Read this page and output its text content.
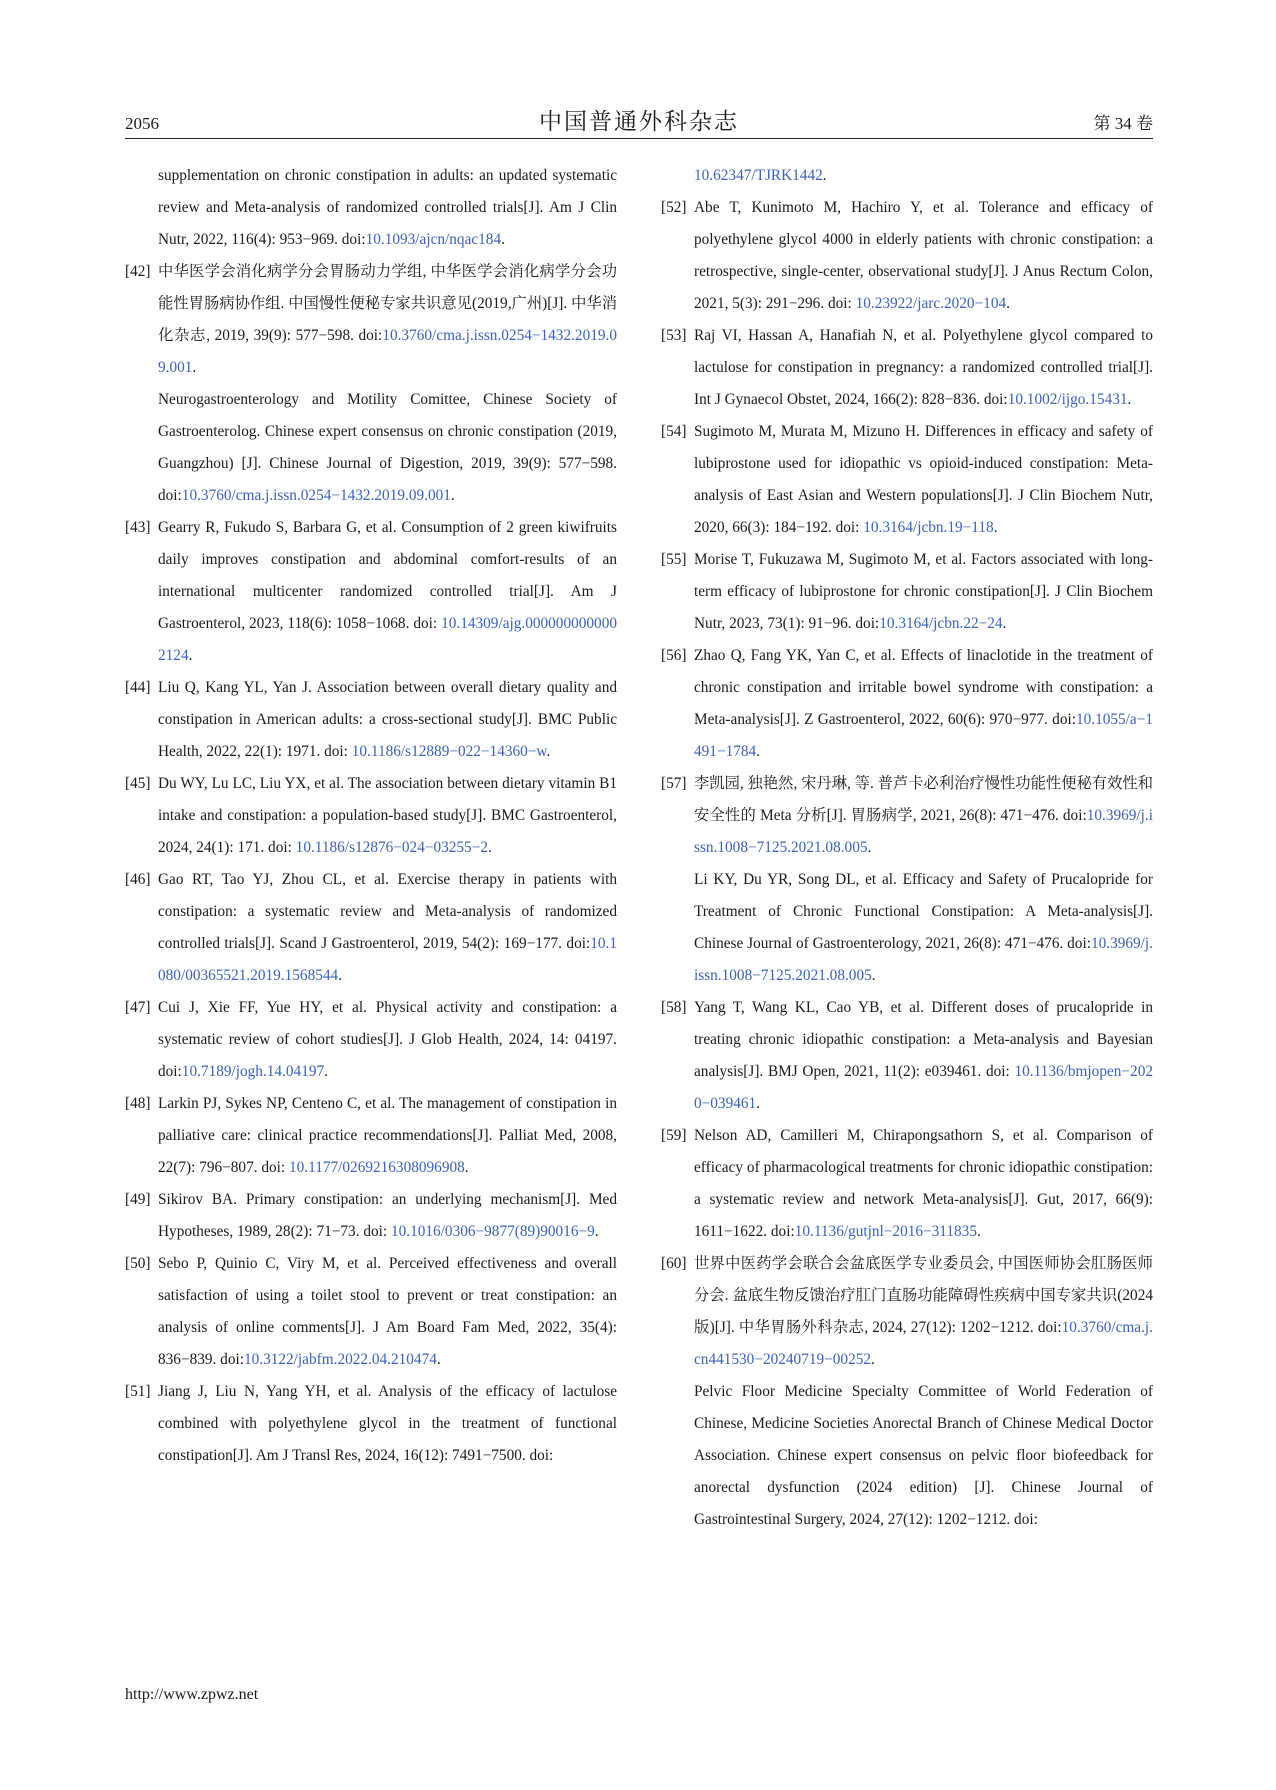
2056	中国普通外科杂志	第 34 卷
supplementation on chronic constipation in adults: an updated systematic review and Meta-analysis of randomized controlled trials[J]. Am J Clin Nutr, 2022, 116(4): 953−969. doi:10.1093/ajcn/nqac184.
[42] 中华医学会消化病学分会胃肠动力学组, 中华医学会消化病学分会功能性胃肠病协作组. 中国慢性便秘专家共识意见(2019,广州)[J]. 中华消化杂志, 2019, 39(9): 577−598. doi:10.3760/cma.j.issn.0254−1432.2019.09.001.
Neurogastroenterology and Motility Comittee, Chinese Society of Gastroenterolog. Chinese expert consensus on chronic constipation (2019, Guangzhou) [J]. Chinese Journal of Digestion, 2019, 39(9): 577−598. doi:10.3760/cma.j.issn.0254−1432.2019.09.001.
[43] Gearry R, Fukudo S, Barbara G, et al. Consumption of 2 green kiwifruits daily improves constipation and abdominal comfort-results of an international multicenter randomized controlled trial[J]. Am J Gastroenterol, 2023, 118(6): 1058−1068. doi: 10.14309/ajg.0000000000002124.
[44] Liu Q, Kang YL, Yan J. Association between overall dietary quality and constipation in American adults: a cross-sectional study[J]. BMC Public Health, 2022, 22(1): 1971. doi: 10.1186/s12889−022−14360−w.
[45] Du WY, Lu LC, Liu YX, et al. The association between dietary vitamin B1 intake and constipation: a population-based study[J]. BMC Gastroenterol, 2024, 24(1): 171. doi: 10.1186/s12876−024−03255−2.
[46] Gao RT, Tao YJ, Zhou CL, et al. Exercise therapy in patients with constipation: a systematic review and Meta-analysis of randomized controlled trials[J]. Scand J Gastroenterol, 2019, 54(2): 169−177. doi:10.1080/00365521.2019.1568544.
[47] Cui J, Xie FF, Yue HY, et al. Physical activity and constipation: a systematic review of cohort studies[J]. J Glob Health, 2024, 14: 04197. doi:10.7189/jogh.14.04197.
[48] Larkin PJ, Sykes NP, Centeno C, et al. The management of constipation in palliative care: clinical practice recommendations[J]. Palliat Med, 2008, 22(7): 796−807. doi: 10.1177/0269216308096908.
[49] Sikirov BA. Primary constipation: an underlying mechanism[J]. Med Hypotheses, 1989, 28(2): 71−73. doi: 10.1016/0306−9877(89)90016−9.
[50] Sebo P, Quinio C, Viry M, et al. Perceived effectiveness and overall satisfaction of using a toilet stool to prevent or treat constipation: an analysis of online comments[J]. J Am Board Fam Med, 2022, 35(4): 836−839. doi:10.3122/jabfm.2022.04.210474.
[51] Jiang J, Liu N, Yang YH, et al. Analysis of the efficacy of lactulose combined with polyethylene glycol in the treatment of functional constipation[J]. Am J Transl Res, 2024, 16(12): 7491−7500. doi:
10.62347/TJRK1442.
[52] Abe T, Kunimoto M, Hachiro Y, et al. Tolerance and efficacy of polyethylene glycol 4000 in elderly patients with chronic constipation: a retrospective, single-center, observational study[J]. J Anus Rectum Colon, 2021, 5(3): 291−296. doi: 10.23922/jarc.2020−104.
[53] Raj VI, Hassan A, Hanafiah N, et al. Polyethylene glycol compared to lactulose for constipation in pregnancy: a randomized controlled trial[J]. Int J Gynaecol Obstet, 2024, 166(2): 828−836. doi:10.1002/ijgo.15431.
[54] Sugimoto M, Murata M, Mizuno H. Differences in efficacy and safety of lubiprostone used for idiopathic vs opioid-induced constipation: Meta-analysis of East Asian and Western populations[J]. J Clin Biochem Nutr, 2020, 66(3): 184−192. doi: 10.3164/jcbn.19−118.
[55] Morise T, Fukuzawa M, Sugimoto M, et al. Factors associated with long-term efficacy of lubiprostone for chronic constipation[J]. J Clin Biochem Nutr, 2023, 73(1): 91−96. doi:10.3164/jcbn.22−24.
[56] Zhao Q, Fang YK, Yan C, et al. Effects of linaclotide in the treatment of chronic constipation and irritable bowel syndrome with constipation: a Meta-analysis[J]. Z Gastroenterol, 2022, 60(6): 970−977. doi:10.1055/a−1491−1784.
[57] 李凯园, 独艳然, 宋丹琳, 等. 普芦卡必利治疗慢性功能性便秘有效性和安全性的 Meta 分析[J]. 胃肠病学, 2021, 26(8): 471−476. doi:10.3969/j.issn.1008−7125.2021.08.005.
Li KY, Du YR, Song DL, et al. Efficacy and Safety of Prucalopride for Treatment of Chronic Functional Constipation: A Meta-analysis[J]. Chinese Journal of Gastroenterology, 2021, 26(8): 471−476. doi:10.3969/j.issn.1008−7125.2021.08.005.
[58] Yang T, Wang KL, Cao YB, et al. Different doses of prucalopride in treating chronic idiopathic constipation: a Meta-analysis and Bayesian analysis[J]. BMJ Open, 2021, 11(2): e039461. doi: 10.1136/bmjopen−2020−039461.
[59] Nelson AD, Camilleri M, Chirapongsathorn S, et al. Comparison of efficacy of pharmacological treatments for chronic idiopathic constipation: a systematic review and network Meta-analysis[J]. Gut, 2017, 66(9): 1611−1622. doi:10.1136/gutjnl−2016−311835.
[60] 世界中医药学会联合会盆底医学专业委员会, 中国医师协会肛肠医师分会. 盆底生物反馈治疗肛门直肠功能障碍性疾病中国专家共识(2024版)[J]. 中华胃肠外科杂志, 2024, 27(12): 1202−1212. doi:10.3760/cma.j.cn441530−20240719−00252.
Pelvic Floor Medicine Specialty Committee of World Federation of Chinese, Medicine Societies Anorectal Branch of Chinese Medical Doctor Association. Chinese expert consensus on pelvic floor biofeedback for anorectal dysfunction (2024 edition) [J]. Chinese Journal of Gastrointestinal Surgery, 2024, 27(12): 1202−1212. doi:
http://www.zpwz.net
